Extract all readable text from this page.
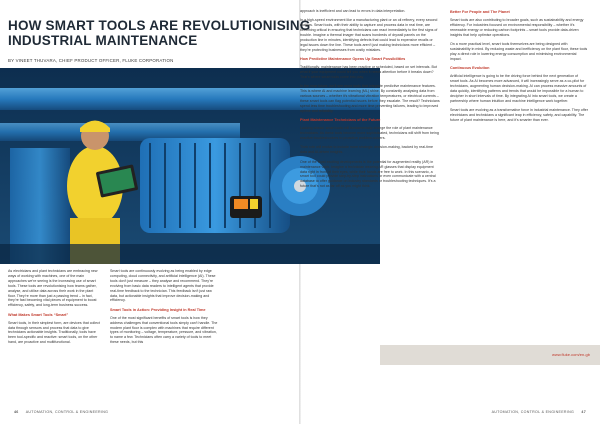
HOW SMART TOOLS ARE REVOLUTIONISING INDUSTRIAL MAINTENANCE
BY VINEET THUVARA, CHIEF PRODUCT OFFICER, FLUKE CORPORATION

As electricians and plant technicians are embracing new ways of working with machines, one of the main approaches we’re seeing is the increasing use of smart tools. These tools are revolutionising how teams gather, analyse, and utilise data across their work in the plant floor. They’re more than just a passing trend – in fact, they’re fast becoming vital pieces of equipment to boost efficiency, safety, and long-term business success.

What Makes Smart Tools “Smart”

Smart tools, in their simplest form, are devices that collect data through sensors and process that data to give technicians actionable insights. Traditionally, tools have been tool-specific and reactive: smart tools, on the other hand, are proactive and multifunctional.

Smart tools are continuously evolving as being enabled by edge computing, cloud connectivity, and artificial intelligence (AI). These tools don’t just measure – they analyse and recommend. They’re evolving from basic data readers to intelligent agents that provide real-time feedback to the technician. This feedback isn’t just raw data, but actionable insights that improve decision-making and efficiency.

Smart Tools in Action: Providing Insight in Real Time

One of the most significant benefits of smart tools is how they address challenges that conventional tools simply can’t handle. The modern plant floor is complex with machines that require different types of monitoring – voltage, temperature, pressure, and vibration, to name a few. Technicians often carry a variety of tools to meet these needs, but this

approach is inefficient and can lead to errors in data interpretation.

In a high-speed environment like a manufacturing plant or an oil refinery, every second matters. Smart tools, with their ability to capture and process data in real time, are becoming critical in ensuring that technicians can react immediately to the first signs of trouble. Imagine a thermal imager that scans hundreds of drywall panels on the production line in minutes, identifying defects that could lead to expensive recalls or legal issues down the line. These tools aren’t just making technicians more efficient – they’re protecting businesses from costly mistakes.

How Predictive Maintenance Opens Up Smart Possibilities

Traditionally, maintenance has been reactive or scheduled, based on set intervals. But what if your equipment could tell you when it needs attention before it breaks down? That’s where smart tools come into play.

In the near future, we’ll see more tools that integrate predictive maintenance features. This is where AI and machine learning (ML) shine. By constantly analysing data from various sources – whether it’s vibrational vibration temperatures, or electrical currents – these smart tools can flag potential issues before they escalate. The result? Technicians spend less time troubleshooting and more time preventing failures, leading to improved uptime and reliability.

Plant Maintenance Technicians of the Future

Looking ahead, smart tools will fundamentally change the role of plant maintenance technicians. As these tools become more sophisticated, technicians will shift from being reactive troubleshooters to proactive problem-solvers.

Their role will evolve to include more strategic decision-making, backed by real-time data and AI-driven insights.

One of the most exciting developments is the potential for augmented reality (AR) in maintenance work. Imagine a technician wearing AR glasses that display equipment data right in front of their eyes, while their hands are free to work. In this scenario, a smart tool could provide step-by-step instructions or even communicate with a central database to offer guidance on industry standards or troubleshooting techniques. It’s a future that’s not as far off as you might think.

Better For People and The Planet

Smart tools are also contributing to broader goals, such as sustainability and energy efficiency. For industries focused on environmental responsibility – whether it’s renewable energy or reducing carbon footprints – smart tools provide data-driven insights that help optimise operations.

On a more practical level, smart tools themselves are being designed with sustainability in mind. By reducing waste and inefficiency on the plant floor, these tools play a direct role in lowering energy consumption and minimising environmental impact.

Continuous Evolution

Artificial intelligence is going to be the driving force behind the next generation of smart tools. As AI becomes more advanced, it will increasingly serve as a co-pilot for technicians, augmenting human decision-making. AI can process massive amounts of data quickly, identifying patterns and trends that would be impossible for a human to decipher in short intervals of time. By integrating AI into smart tools, we create a partnership where human intuition and machine intelligence work together.

Smart tools are evolving as a transformative force in industrial maintenance. They offer electricians and technicians a significant leap in efficiency, safety, and capability. The future of plant maintenance is here, and it’s smarter than ever.

www.fluke.com/en-gb
46 AUTOMATION, CONTROL & ENGINEERING	AUTOMATION, CONTROL & ENGINEERING 47
